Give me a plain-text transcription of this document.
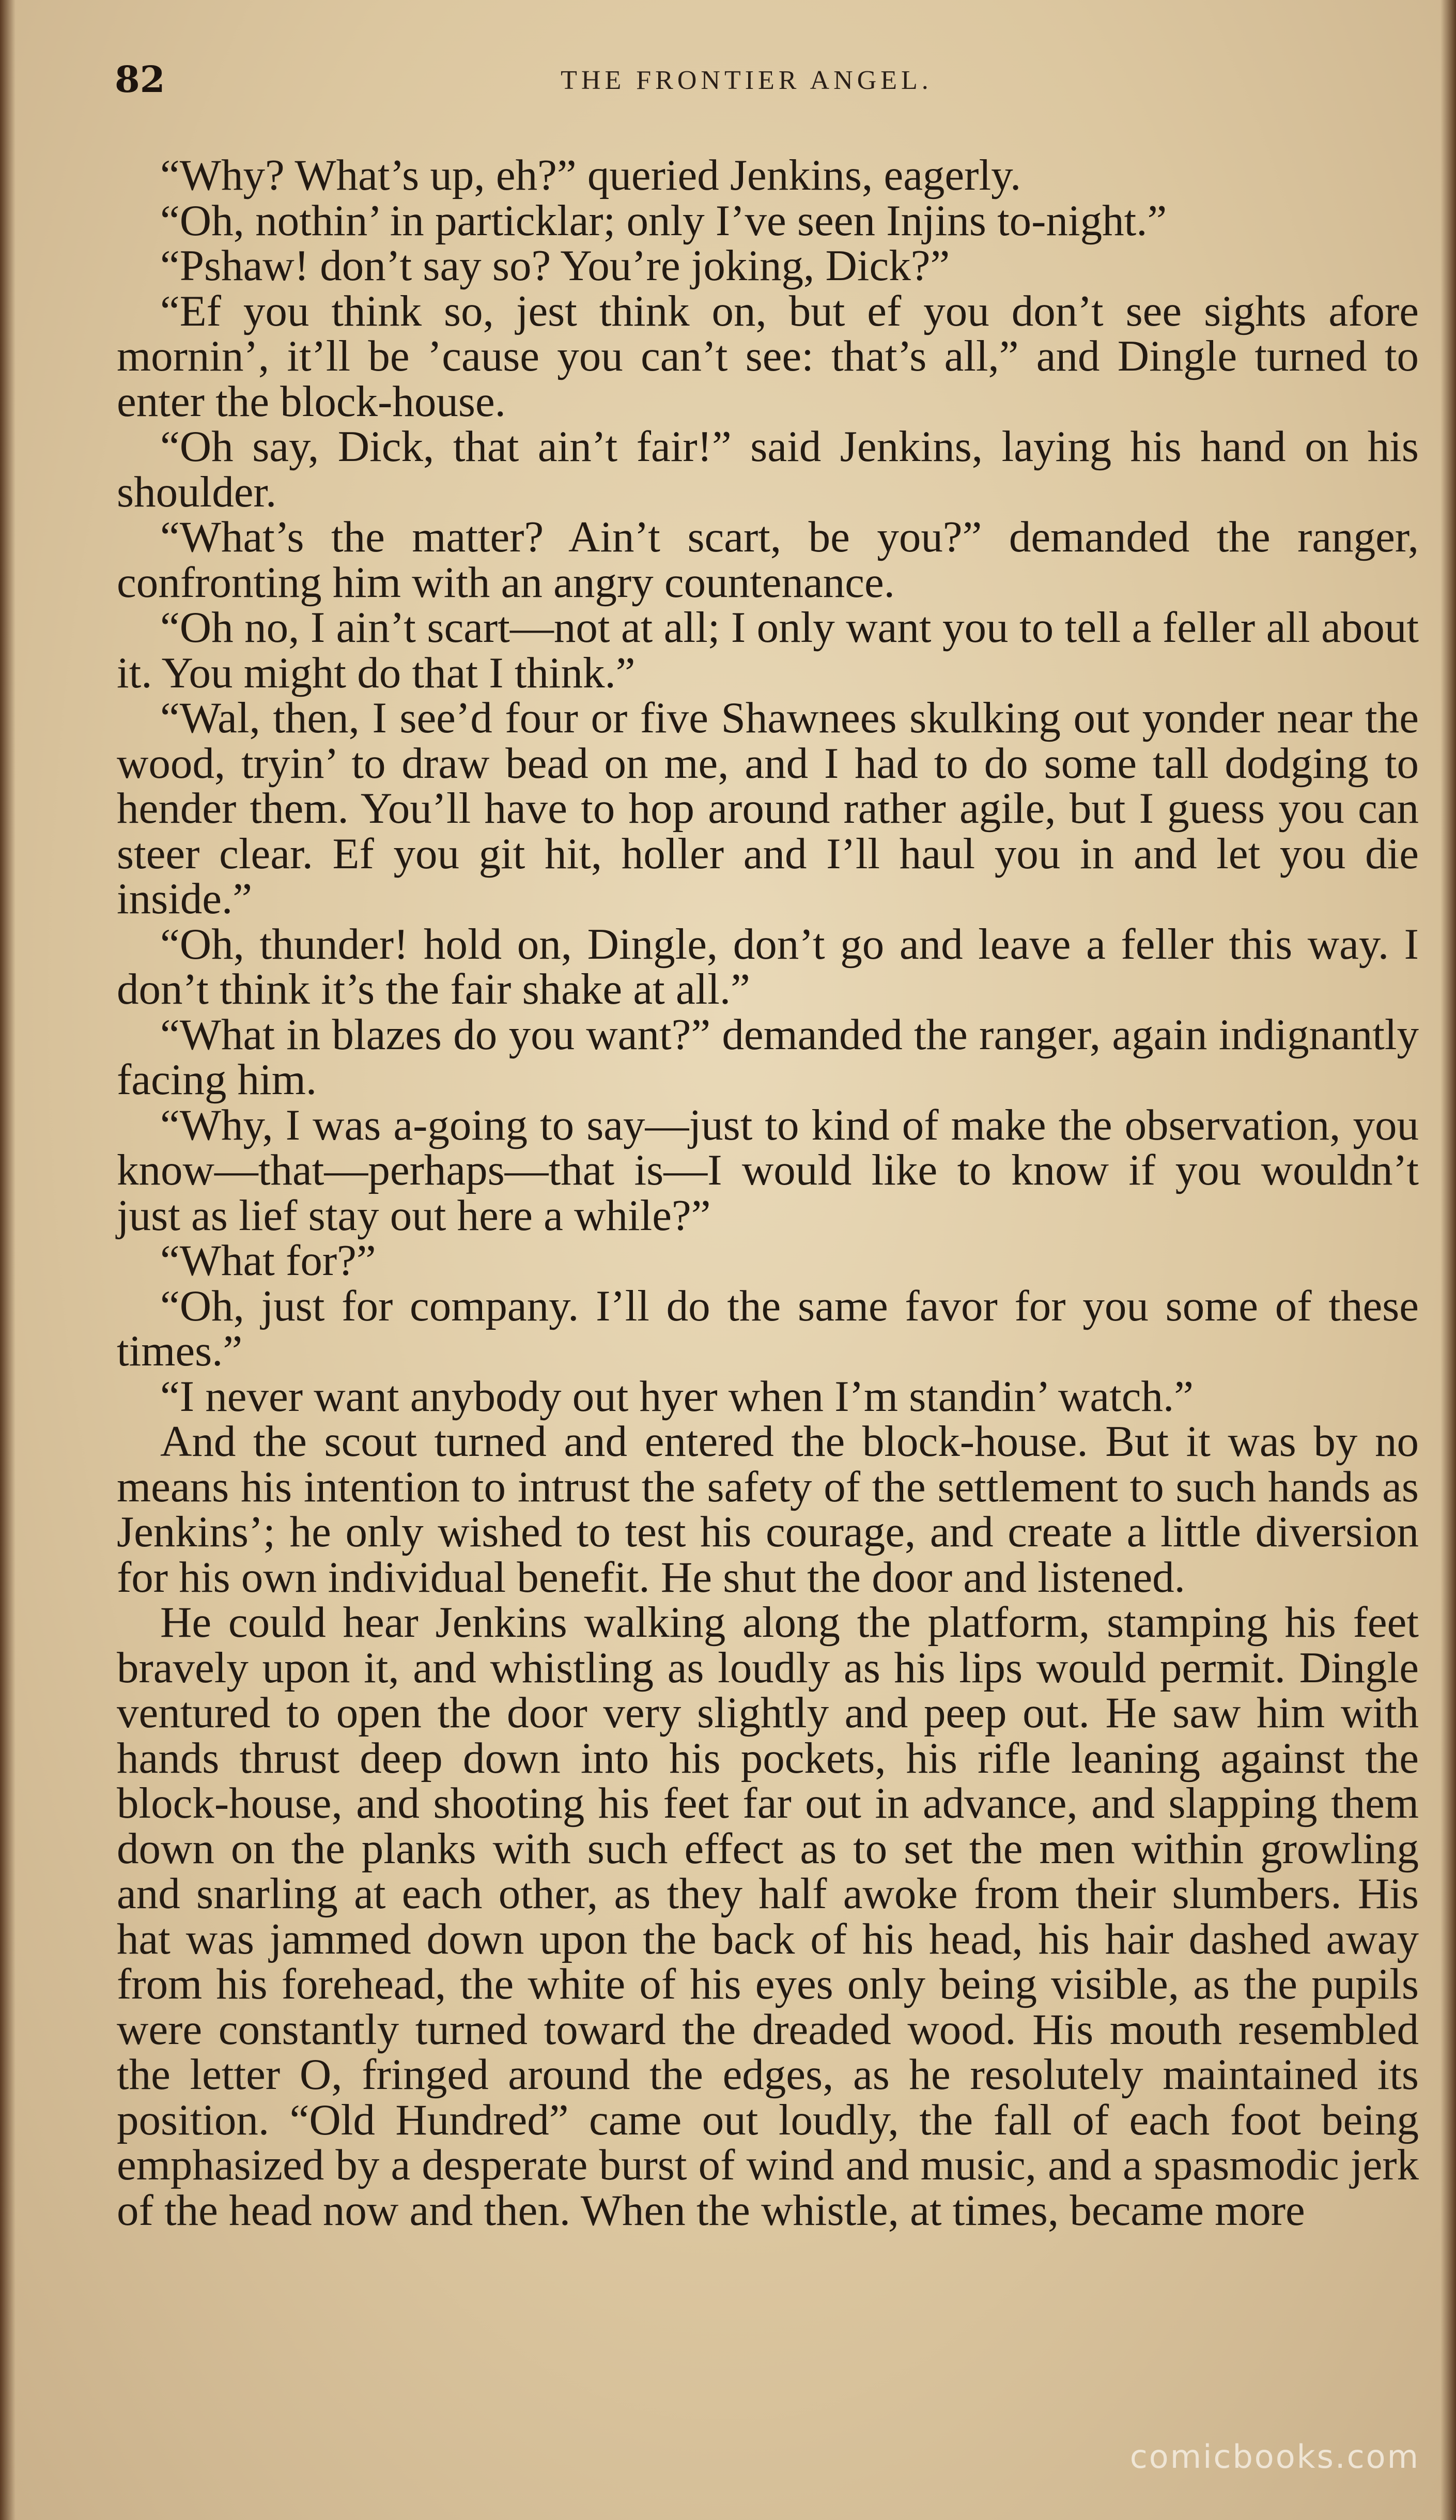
82	THE FRONTIER ANGEL.

“Why? What’s up, eh?” queried Jenkins, eagerly.

“Oh, nothin’ in particklar; only I’ve seen Injins to-night.”

“Pshaw! don’t say so? You’re joking, Dick?”

“Ef you think so, jest think on, but ef you don’t see sights afore mornin’, it’ll be ’cause you can’t see: that’s all,” and Dingle turned to enter the block-house.

“Oh say, Dick, that ain’t fair!” said Jenkins, laying his hand on his shoulder.

“What’s the matter? Ain’t scart, be you?” demanded the ranger, confronting him with an angry countenance.

“Oh no, I ain’t scart—not at all; I only want you to tell a feller all about it. You might do that I think.”

“Wal, then, I see’d four or five Shawnees skulking out yonder near the wood, tryin’ to draw bead on me, and I had to do some tall dodging to hender them. You’ll have to hop around rather agile, but I guess you can steer clear. Ef you git hit, holler and I’ll haul you in and let you die inside.”

“Oh, thunder! hold on, Dingle, don’t go and leave a feller this way. I don’t think it’s the fair shake at all.”

“What in blazes do you want?” demanded the ranger, again indignantly facing him.

“Why, I was a-going to say—just to kind of make the observation, you know—that—perhaps—that is—I would like to know if you wouldn’t just as lief stay out here a while?”

“What for?”

“Oh, just for company. I’ll do the same favor for you some of these times.”

“I never want anybody out hyer when I’m standin’ watch.”

And the scout turned and entered the block-house. But it was by no means his intention to intrust the safety of the settlement to such hands as Jenkins’; he only wished to test his courage, and create a little diversion for his own individual benefit. He shut the door and listened.

He could hear Jenkins walking along the platform, stamping his feet bravely upon it, and whistling as loudly as his lips would permit. Dingle ventured to open the door very slightly and peep out. He saw him with hands thrust deep down into his pockets, his rifle leaning against the block-house, and shooting his feet far out in advance, and slapping them down on the planks with such effect as to set the men within growling and snarling at each other, as they half awoke from their slumbers. His hat was jammed down upon the back of his head, his hair dashed away from his forehead, the white of his eyes only being visible, as the pupils were constantly turned toward the dreaded wood. His mouth resembled the letter O, fringed around the edges, as he resolutely maintained its position. “Old Hundred” came out loudly, the fall of each foot being emphasized by a desperate burst of wind and music, and a spasmodic jerk of the head now and then. When the whistle, at times, became more

comicbooks.com
